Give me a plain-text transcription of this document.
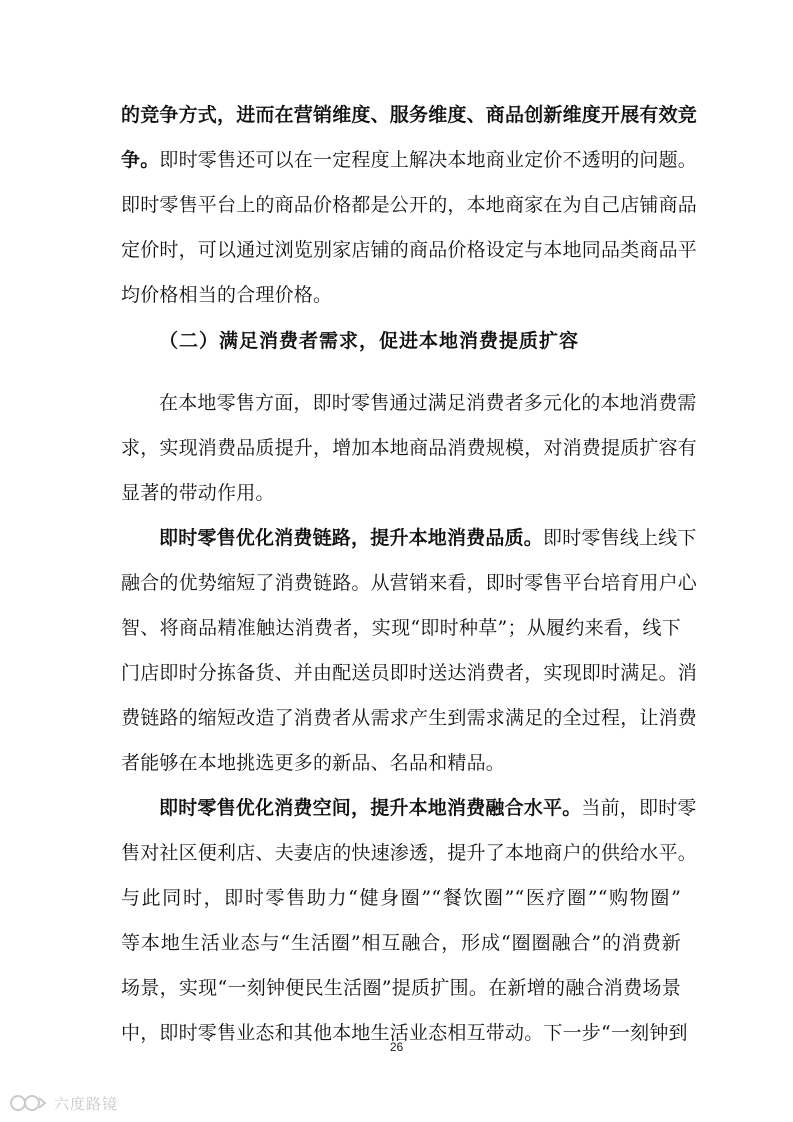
的竞争方式，进而在营销维度、服务维度、商品创新维度开展有效竞
争。即时零售还可以在一定程度上解决本地商业定价不透明的问题。
即时零售平台上的商品价格都是公开的，本地商家在为自己店铺商品
定价时，可以通过浏览别家店铺的商品价格设定与本地同品类商品平
均价格相当的合理价格。
（二）满足消费者需求，促进本地消费提质扩容
在本地零售方面，即时零售通过满足消费者多元化的本地消费需
求，实现消费品质提升，增加本地商品消费规模，对消费提质扩容有
显著的带动作用。
即时零售优化消费链路，提升本地消费品质。即时零售线上线下
融合的优势缩短了消费链路。从营销来看，即时零售平台培育用户心
智、将商品精准触达消费者，实现“即时种草”；从履约来看，线下
门店即时分拣备货、并由配送员即时送达消费者，实现即时满足。消
费链路的缩短改造了消费者从需求产生到需求满足的全过程，让消费
者能够在本地挑选更多的新品、名品和精品。
即时零售优化消费空间，提升本地消费融合水平。当前，即时零
售对社区便利店、夫妻店的快速渗透，提升了本地商户的供给水平。
与此同时，即时零售助力“健身圈”“餐饮圈”“医疗圈”“购物圈”
等本地生活业态与“生活圈”相互融合，形成“圈圈融合”的消费新
场景，实现“一刻钟便民生活圈”提质扩围。在新增的融合消费场景
中，即时零售业态和其他本地生活业态相互带动。下一步“一刻钟到
26
六度路镜
